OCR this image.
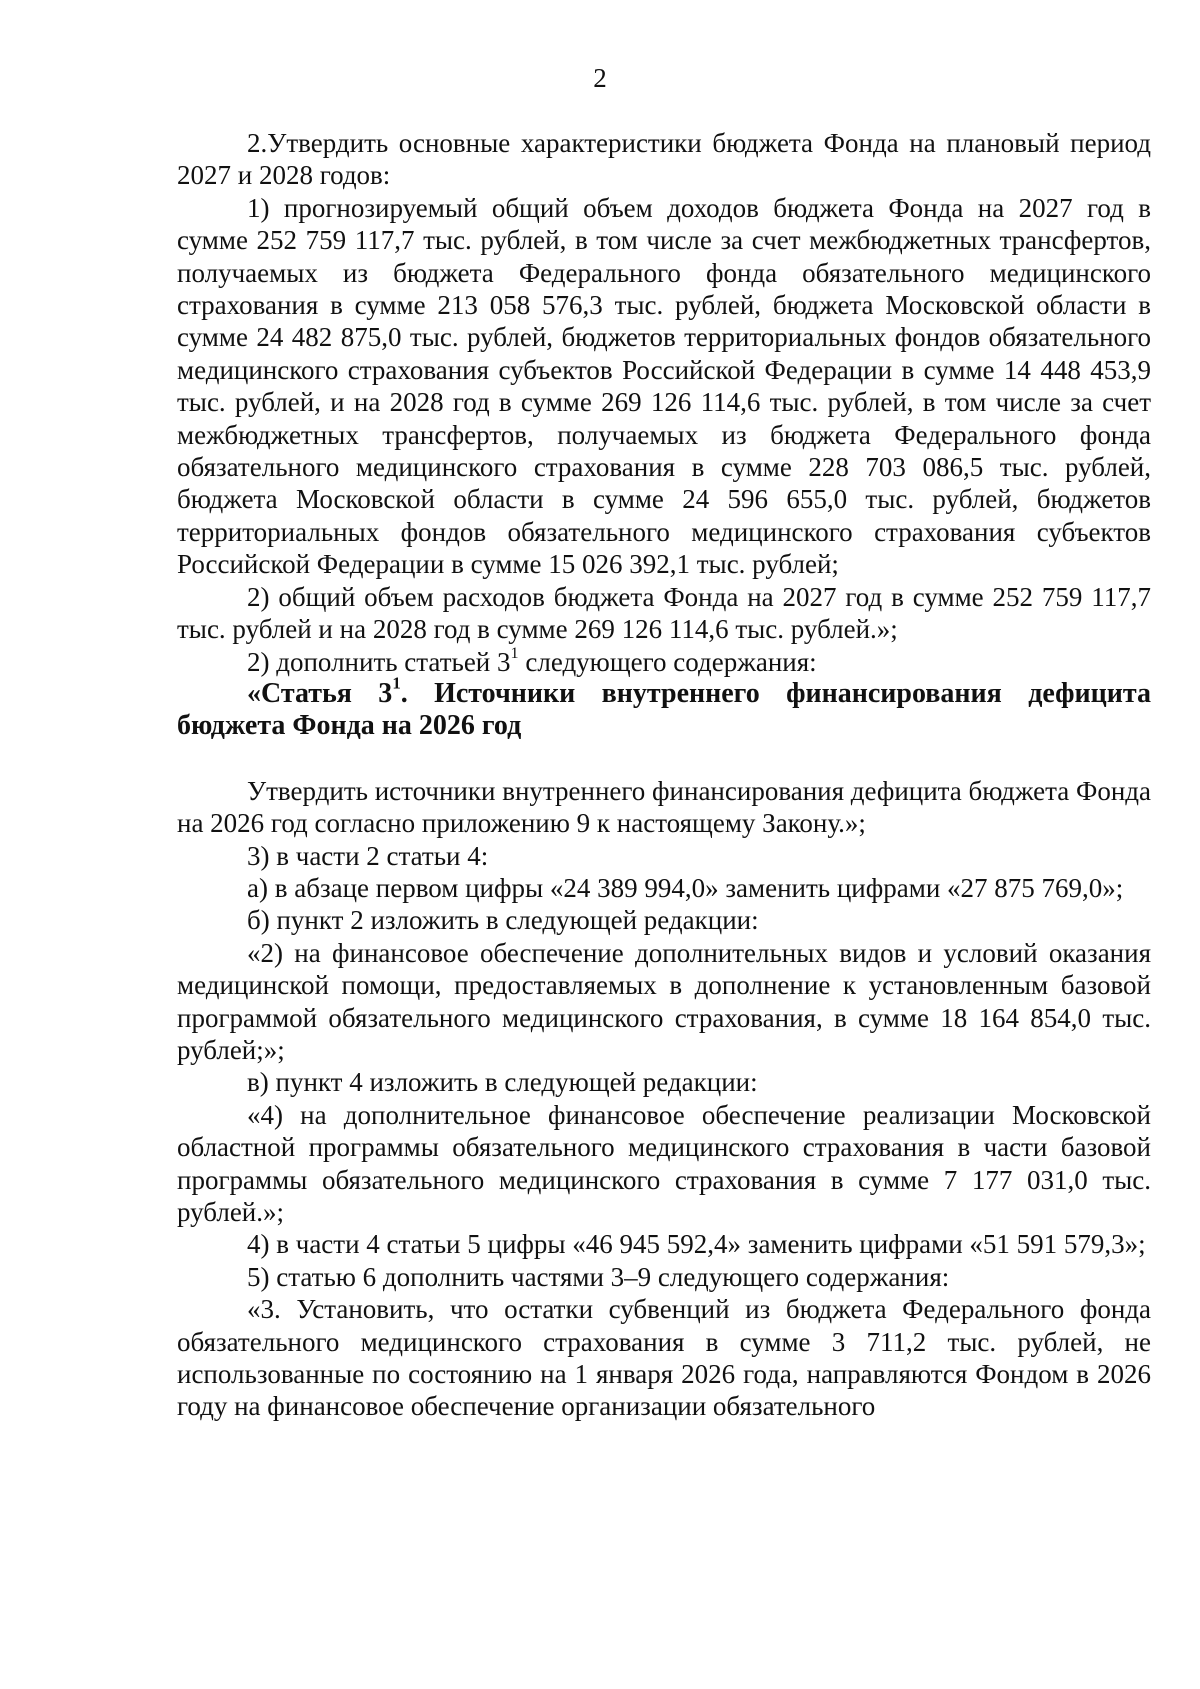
2

2.Утвердить основные характеристики бюджета Фонда на плановый период 2027 и 2028 годов:

1) прогнозируемый общий объем доходов бюджета Фонда на 2027 год в сумме 252 759 117,7 тыс. рублей, в том числе за счет межбюджетных трансфертов, получаемых из бюджета Федерального фонда обязательного медицинского страхования в сумме 213 058 576,3 тыс. рублей, бюджета Московской области в сумме 24 482 875,0 тыс. рублей, бюджетов территориальных фондов обязательного медицинского страхования субъектов Российской Федерации в сумме 14 448 453,9 тыс. рублей, и на 2028 год в сумме 269 126 114,6 тыс. рублей, в том числе за счет межбюджетных трансфертов, получаемых из бюджета Федерального фонда обязательного медицинского страхования в сумме 228 703 086,5 тыс. рублей, бюджета Московской области в сумме 24 596 655,0 тыс. рублей, бюджетов территориальных фондов обязательного медицинского страхования субъектов Российской Федерации в сумме 15 026 392,1 тыс. рублей;

2) общий объем расходов бюджета Фонда на 2027 год в сумме 252 759 117,7 тыс. рублей и на 2028 год в сумме 269 126 114,6 тыс. рублей.»;

2) дополнить статьей $3^1$ следующего содержания:

«Статья $3^1$. Источники внутреннего финансирования дефицита бюджета Фонда на 2026 год

Утвердить источники внутреннего финансирования дефицита бюджета Фонда на 2026 год согласно приложению 9 к настоящему Закону.»;

3) в части 2 статьи 4:

а) в абзаце первом цифры «24 389 994,0» заменить цифрами «27 875 769,0»;

б) пункт 2 изложить в следующей редакции:

«2) на финансовое обеспечение дополнительных видов и условий оказания медицинской помощи, предоставляемых в дополнение к установленным базовой программой обязательного медицинского страхования, в сумме 18 164 854,0 тыс. рублей;»;

в) пункт 4 изложить в следующей редакции:

«4) на дополнительное финансовое обеспечение реализации Московской областной программы обязательного медицинского страхования в части базовой программы обязательного медицинского страхования в сумме 7 177 031,0 тыс. рублей.»;

4) в части 4 статьи 5 цифры «46 945 592,4» заменить цифрами «51 591 579,3»;

5) статью 6 дополнить частями 3–9 следующего содержания:

«3. Установить, что остатки субвенций из бюджета Федерального фонда обязательного медицинского страхования в сумме 3 711,2 тыс. рублей, не использованные по состоянию на 1 января 2026 года, направляются Фондом в 2026 году на финансовое обеспечение организации обязательного
